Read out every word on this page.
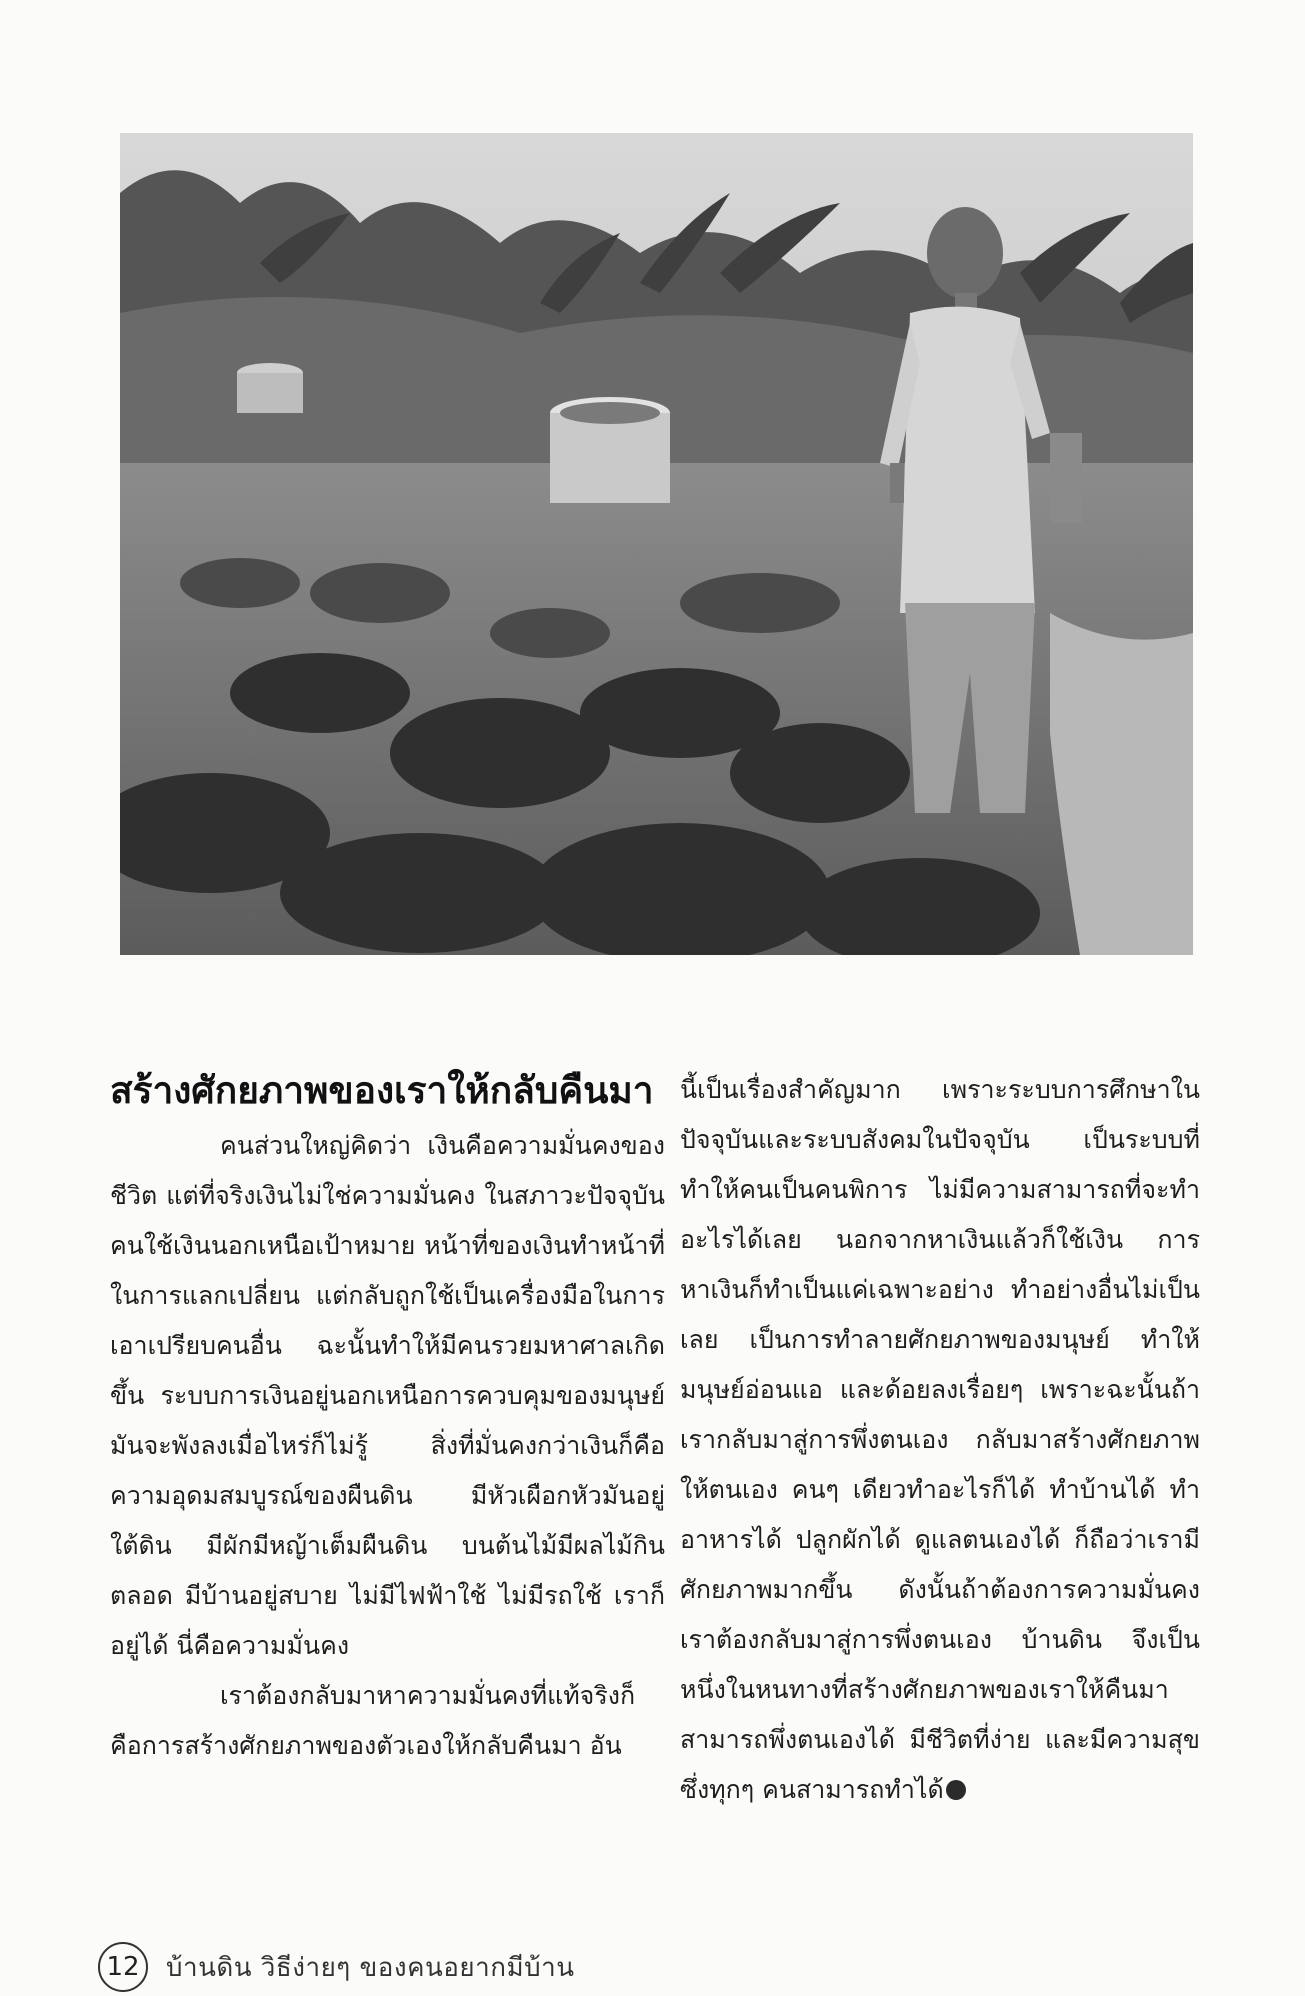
สร้างศักยภาพของเราให้กลับคืนมา

คนส่วนใหญ่คิดว่า เงินคือความมั่นคงของชีวิต แต่ที่จริงเงินไม่ใช่ความมั่นคง ในสภาวะปัจจุบัน คนใช้เงินนอกเหนือเป้าหมาย หน้าที่ของเงินทำหน้าที่ในการแลกเปลี่ยน แต่กลับถูกใช้เป็นเครื่องมือในการเอาเปรียบคนอื่น ฉะนั้นทำให้มีคนรวยมหาศาลเกิดขึ้น ระบบการเงินอยู่นอกเหนือการควบคุมของมนุษย์ มันจะพังลงเมื่อไหร่ก็ไม่รู้ สิ่งที่มั่นคงกว่าเงินก็คือความอุดมสมบูรณ์ของผืนดิน มีหัวเผือกหัวมันอยู่ใต้ดิน มีผักมีหญ้าเต็มผืนดิน บนต้นไม้มีผลไม้กินตลอด มีบ้านอยู่สบาย ไม่มีไฟฟ้าใช้ ไม่มีรถใช้ เราก็อยู่ได้ นี่คือความมั่นคง

เราต้องกลับมาหาความมั่นคงที่แท้จริงก็คือการสร้างศักยภาพของตัวเองให้กลับคืนมา อัน

นี้เป็นเรื่องสำคัญมาก เพราะระบบการศึกษาในปัจจุบันและระบบสังคมในปัจจุบัน เป็นระบบที่ทำให้คนเป็นคนพิการ ไม่มีความสามารถที่จะทำอะไรได้เลย นอกจากหาเงินแล้วก็ใช้เงิน การหาเงินก็ทำเป็นแค่เฉพาะอย่าง ทำอย่างอื่นไม่เป็นเลย เป็นการทำลายศักยภาพของมนุษย์ ทำให้มนุษย์อ่อนแอ และด้อยลงเรื่อยๆ เพราะฉะนั้นถ้าเรากลับมาสู่การพึ่งตนเอง กลับมาสร้างศักยภาพให้ตนเอง คนๆ เดียวทำอะไรก็ได้ ทำบ้านได้ ทำอาหารได้ ปลูกผักได้ ดูแลตนเองได้ ก็ถือว่าเรามีศักยภาพมากขึ้น ดังนั้นถ้าต้องการความมั่นคง เราต้องกลับมาสู่การพึ่งตนเอง บ้านดิน จึงเป็นหนึ่งในหนทางที่สร้างศักยภาพของเราให้คืนมา สามารถพึ่งตนเองได้ มีชีวิตที่ง่าย และมีความสุข ซึ่งทุกๆ คนสามารถทำได้

12	บ้านดิน วิธีง่ายๆ ของคนอยากมีบ้าน
